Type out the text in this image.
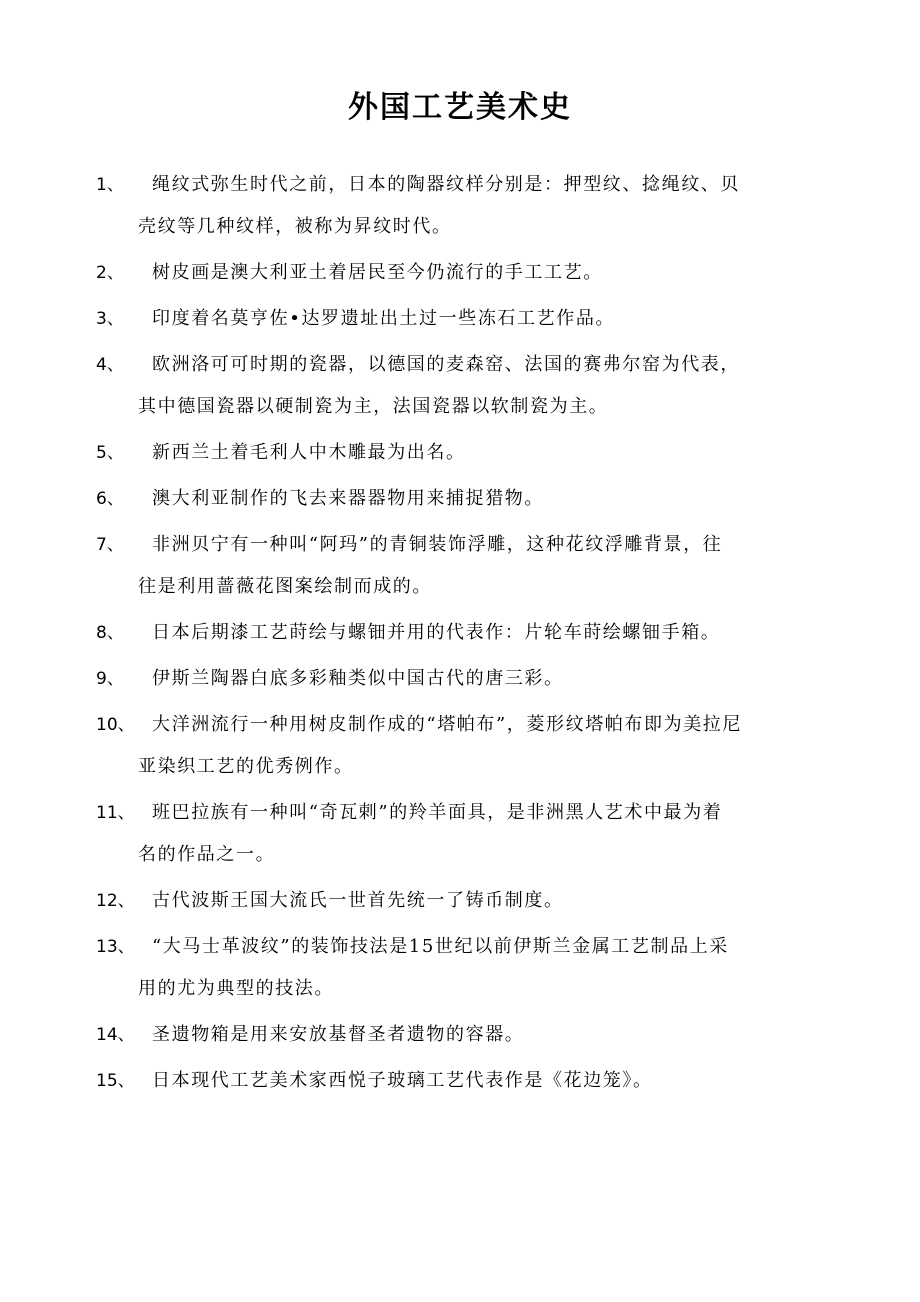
外国工艺美术史
1、 绳纹式弥生时代之前，日本的陶器纹样分别是：押型纹、捻绳纹、贝
壳纹等几种纹样，被称为昇纹时代。
2、 树皮画是澳大利亚土着居民至今仍流行的手工工艺。
3、 印度着名莫亨佐•达罗遗址出土过一些冻石工艺作品。
4、 欧洲洛可可时期的瓷器，以德国的麦森窑、法国的赛弗尔窑为代表，
其中德国瓷器以硬制瓷为主，法国瓷器以软制瓷为主。
5、 新西兰土着毛利人中木雕最为出名。
6、 澳大利亚制作的飞去来器器物用来捕捉猎物。
7、 非洲贝宁有一种叫“阿玛”的青铜装饰浮雕，这种花纹浮雕背景，往
往是利用蔷薇花图案绘制而成的。
8、 日本后期漆工艺莳绘与螺钿并用的代表作：片轮车莳绘螺钿手箱。
9、 伊斯兰陶器白底多彩釉类似中国古代的唐三彩。
10、 大洋洲流行一种用树皮制作成的“塔帕布”，菱形纹塔帕布即为美拉尼
亚染织工艺的优秀例作。
11、 班巴拉族有一种叫“奇瓦剌”的羚羊面具，是非洲黑人艺术中最为着
名的作品之一。
12、 古代波斯王国大流氏一世首先统一了铸币制度。
13、 “大马士革波纹”的装饰技法是15世纪以前伊斯兰金属工艺制品上采
用的尤为典型的技法。
14、 圣遗物箱是用来安放基督圣者遗物的容器。
15、 日本现代工艺美术家西悦子玻璃工艺代表作是《花边笼》。
